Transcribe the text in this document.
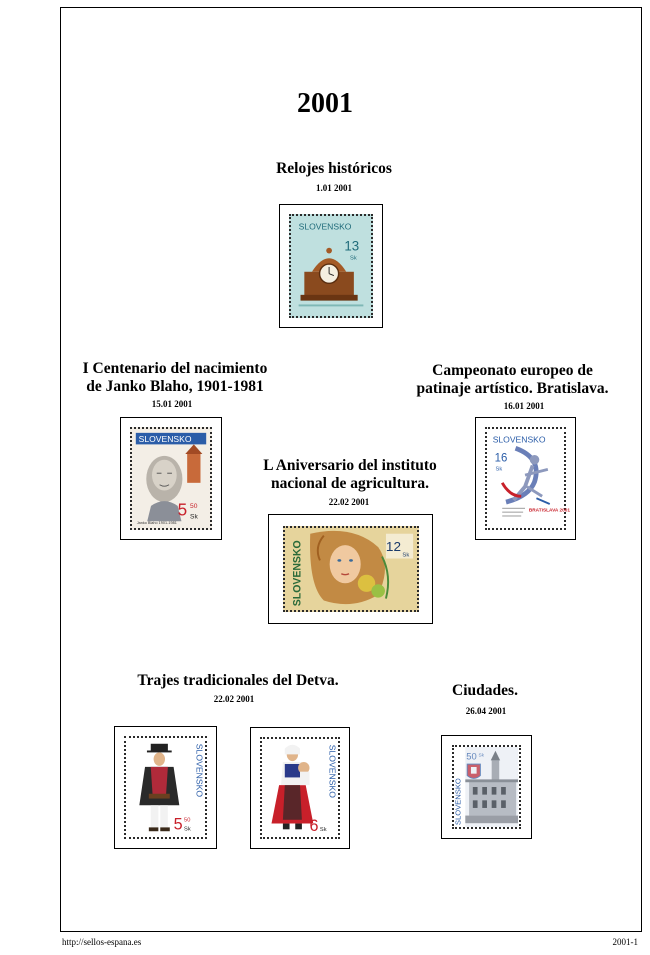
2001
Relojes históricos
1.01 2001
SLOVENSKO
13
Sk
I Centenario del nacimiento
de Janko Blaho, 1901-1981
15.01 2001
SLOVENSKO
5 50
Sk
Janko Blaho 1901-1981
Campeonato europeo de
patinaje artístico. Bratislava.
16.01 2001
SLOVENSKO
16
Sk
BRATISLAVA 2001
L Aniversario del instituto
nacional de agricultura.
22.02 2001
SLOVENSKO	12
Sk
Trajes tradicionales del Detva.
22.02 2001
SLOVENSKO
5 50
Sk
SLOVENSKO
6 Sk
Ciudades.
26.04 2001
SLOVENSKO
50 Sk
http://sellos-espana.es	2001-1
